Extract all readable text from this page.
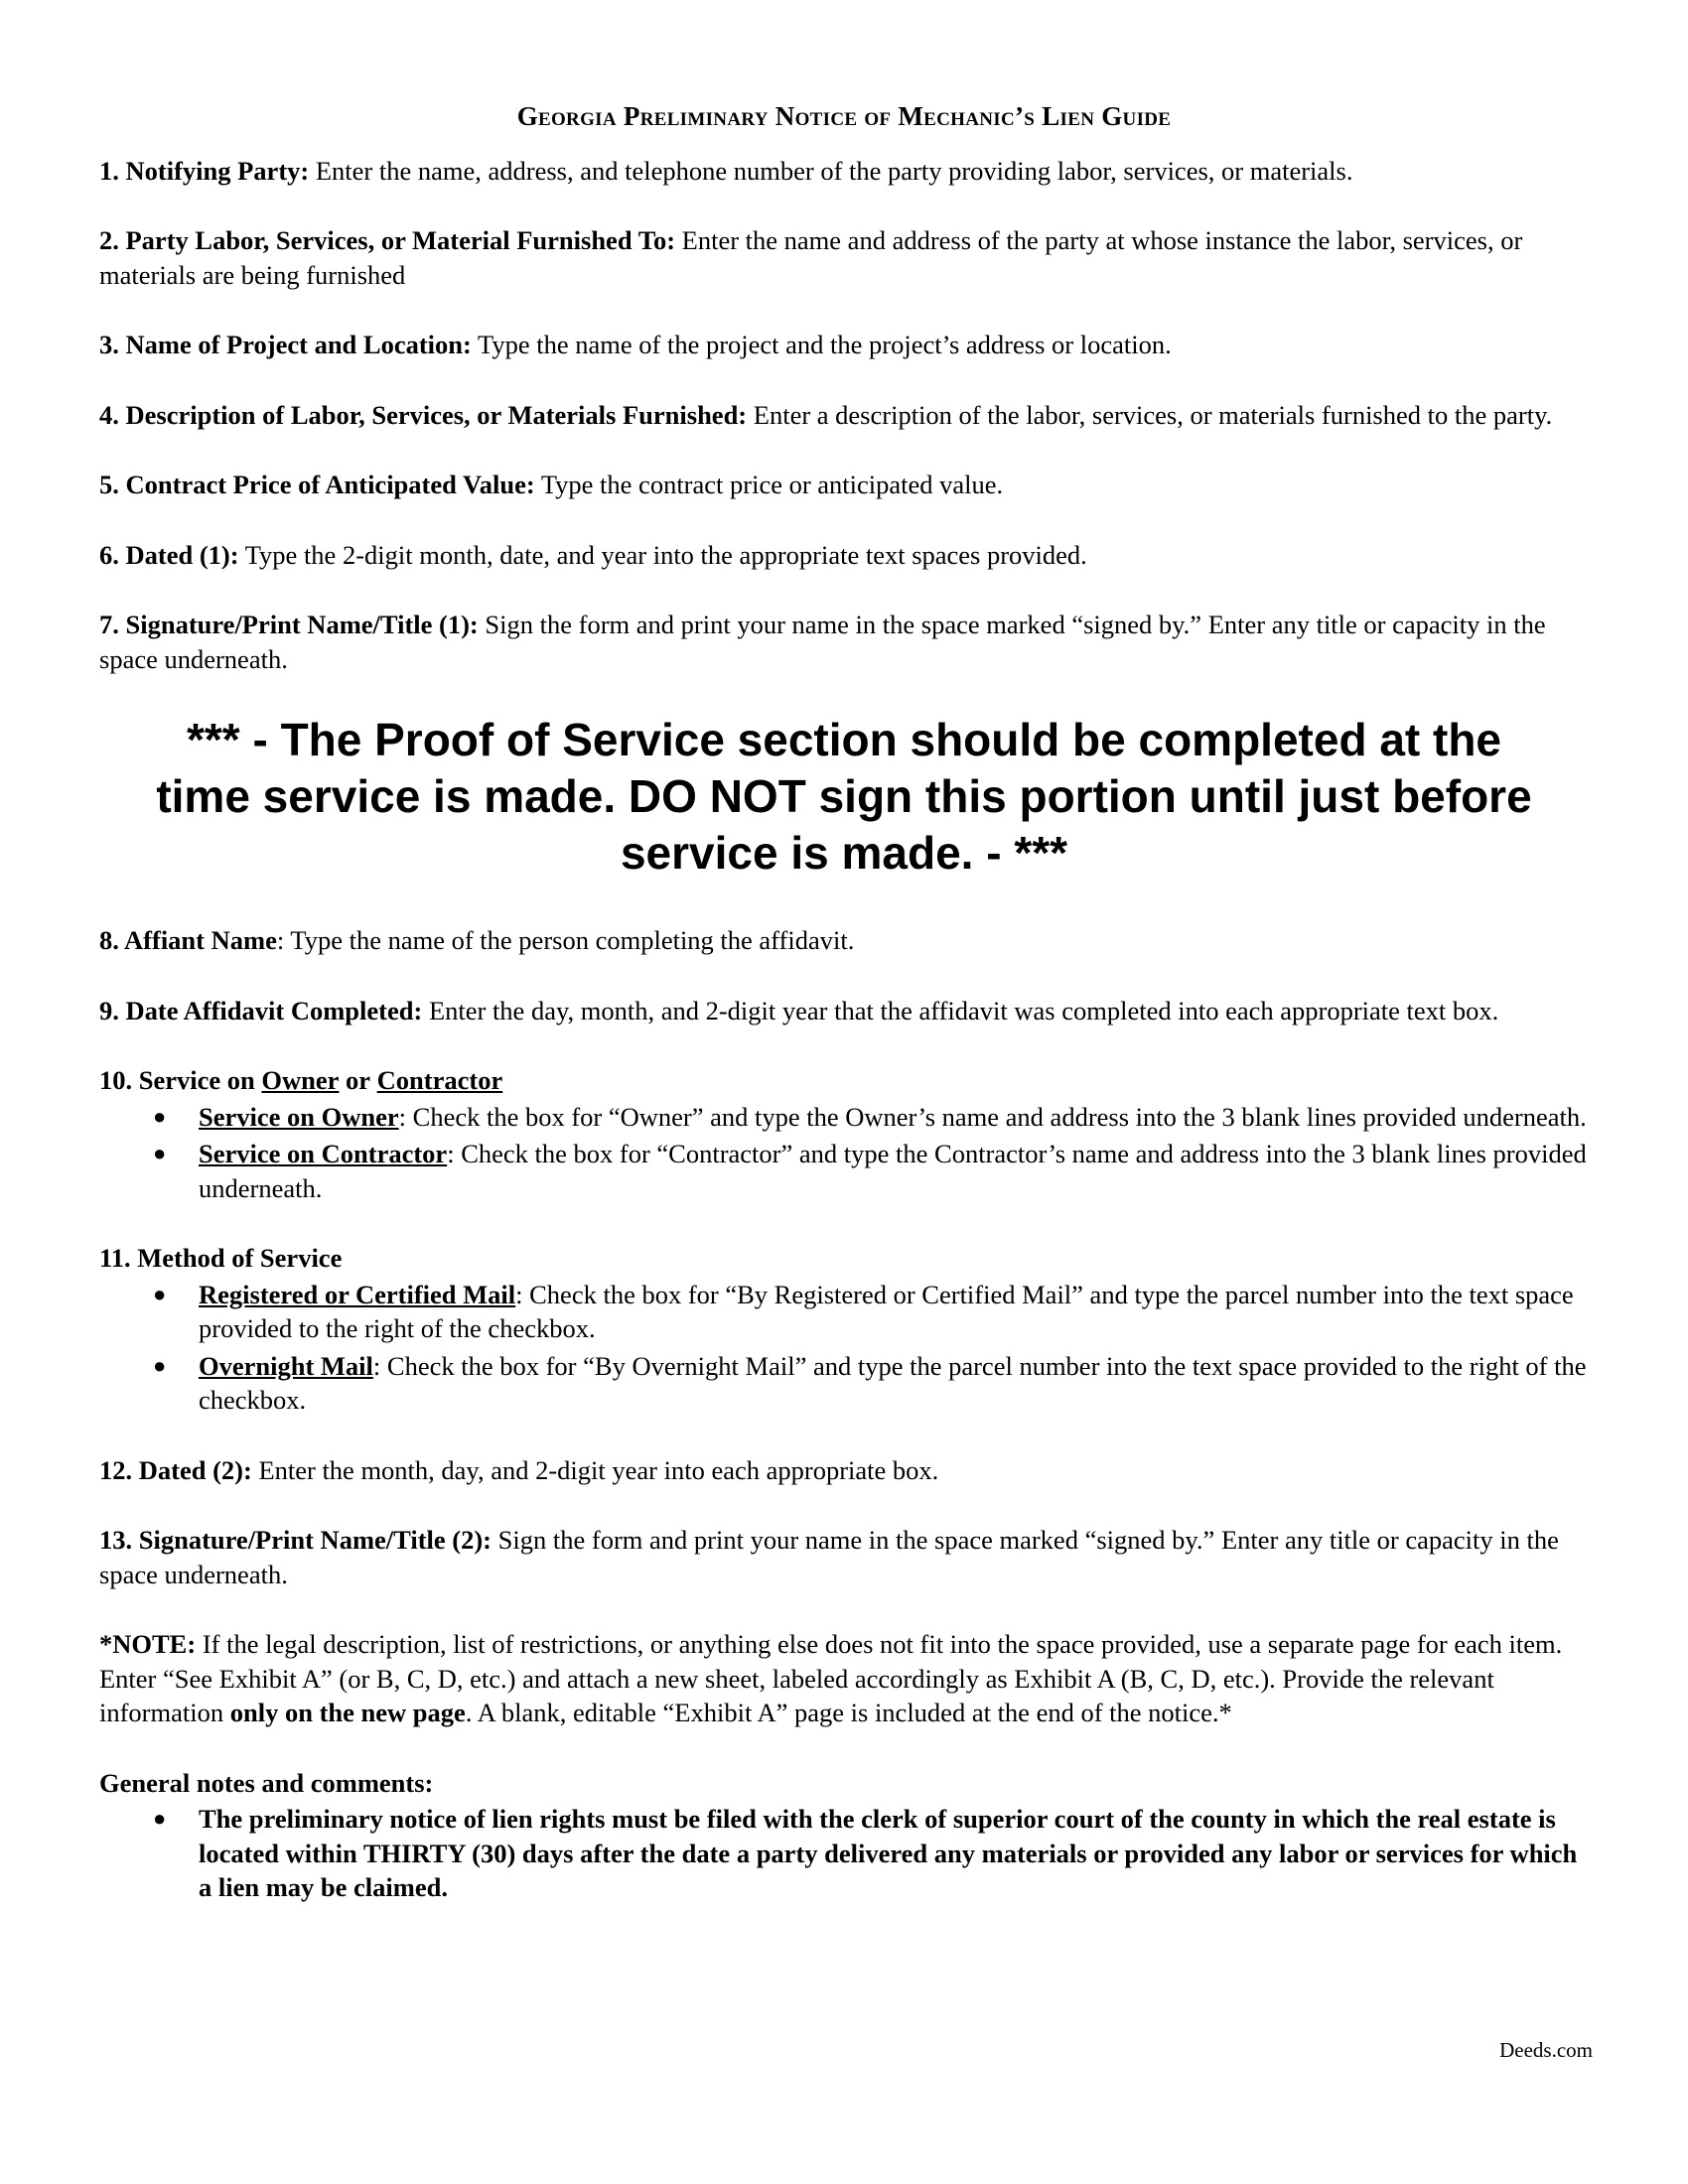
Georgia Preliminary Notice of Mechanic’s Lien Guide

1. Notifying Party: Enter the name, address, and telephone number of the party providing labor, services, or materials.

2. Party Labor, Services, or Material Furnished To: Enter the name and address of the party at whose instance the labor, services, or materials are being furnished

3. Name of Project and Location: Type the name of the project and the project’s address or location.

4. Description of Labor, Services, or Materials Furnished: Enter a description of the labor, services, or materials furnished to the party.

5. Contract Price of Anticipated Value: Type the contract price or anticipated value.

6. Dated (1): Type the 2-digit month, date, and year into the appropriate text spaces provided.

7. Signature/Print Name/Title (1): Sign the form and print your name in the space marked “signed by.” Enter any title or capacity in the space underneath.

*** - The Proof of Service section should be completed at the time service is made. DO NOT sign this portion until just before service is made. - ***

8. Affiant Name: Type the name of the person completing the affidavit.

9. Date Affidavit Completed: Enter the day, month, and 2-digit year that the affidavit was completed into each appropriate text box.

10. Service on Owner or Contractor
● Service on Owner: Check the box for “Owner” and type the Owner’s name and address into the 3 blank lines provided underneath.
● Service on Contractor: Check the box for “Contractor” and type the Contractor’s name and address into the 3 blank lines provided underneath.
11. Method of Service
● Registered or Certified Mail: Check the box for “By Registered or Certified Mail” and type the parcel number into the text space provided to the right of the checkbox.
● Overnight Mail: Check the box for “By Overnight Mail” and type the parcel number into the text space provided to the right of the checkbox.

12. Dated (2): Enter the month, day, and 2-digit year into each appropriate box.

13. Signature/Print Name/Title (2): Sign the form and print your name in the space marked “signed by.” Enter any title or capacity in the space underneath.

*NOTE: If the legal description, list of restrictions, or anything else does not fit into the space provided, use a separate page for each item. Enter “See Exhibit A” (or B, C, D, etc.) and attach a new sheet, labeled accordingly as Exhibit A (B, C, D, etc.). Provide the relevant information only on the new page. A blank, editable “Exhibit A” page is included at the end of the notice.*

General notes and comments:
● The preliminary notice of lien rights must be filed with the clerk of superior court of the county in which the real estate is located within THIRTY (30) days after the date a party delivered any materials or provided any labor or services for which a lien may be claimed.
Deeds.com
